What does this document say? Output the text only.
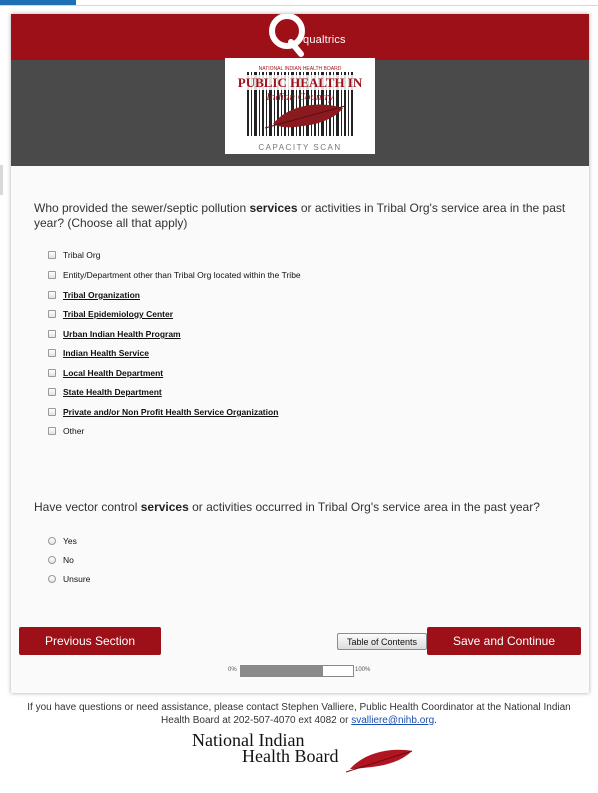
qualtrics
NATIONAL INDIAN HEALTH BOARD
PUBLIC HEALTH IN
Indian Country
CAPACITY SCAN
Who provided the sewer/septic pollution services or activities in Tribal Org's service area in the past year? (Choose all that apply)
Tribal Org
Entity/Department other than Tribal Org located within the Tribe
Tribal Organization
Tribal Epidemiology Center
Urban Indian Health Program
Indian Health Service
Local Health Department
State Health Department
Private and/or Non Profit Health Service Organization
Other
Have vector control services or activities occurred in Tribal Org's service area in the past year?
Yes
No
Unsure
Previous Section	Table of Contents	Save and Continue
0%	100%
If you have questions or need assistance, please contact Stephen Valliere, Public Health Coordinator at the National Indian Health Board at 202-507-4070 ext 4082 or svalliere@nihb.org.
National Indian
Health Board
